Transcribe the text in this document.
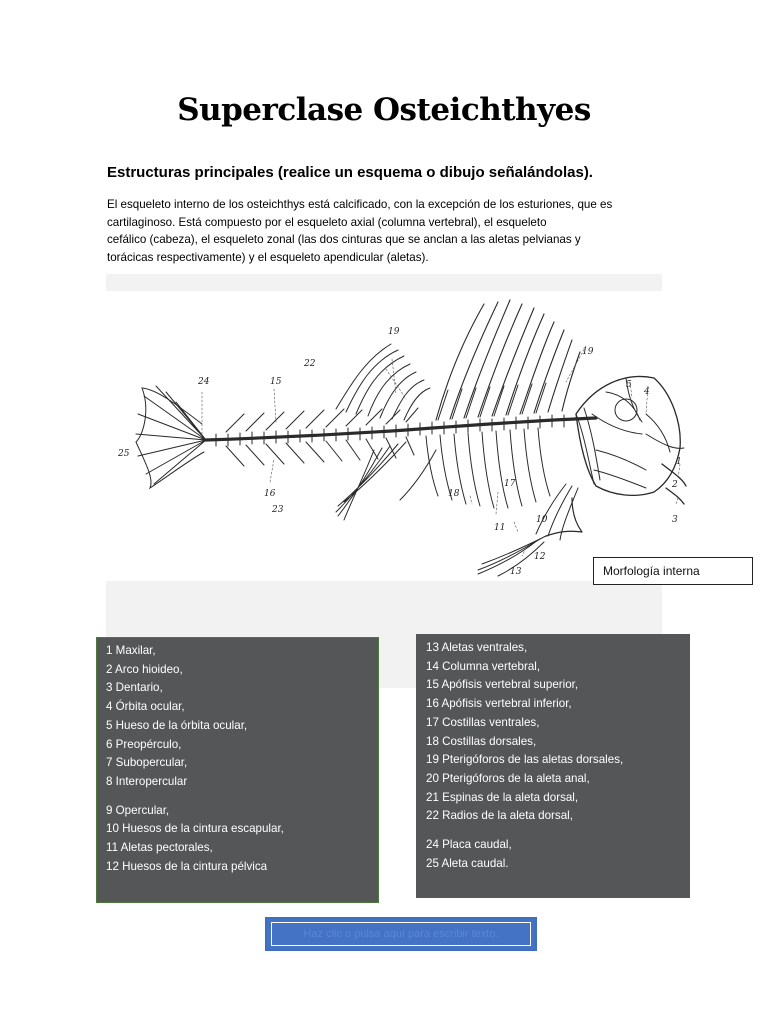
Superclase Osteichthyes
Estructuras principales (realice un esquema o dibujo señalándolas).

El esqueleto interno de los osteichthys está calcificado, con la excepción de los esturiones, que es
cartilaginoso. Está compuesto por el esqueleto axial (columna vertebral), el esqueleto
cefálico (cabeza), el esqueleto zonal (las dos cinturas que se anclan a las aletas pelvianas y
torácicas respectivamente) y el esqueleto apendicular (aletas).

24
25
15
16
23
22
19
19
5
4
1
2
3
17
18
11
10
12
13	Morfología interna
1 Maxilar,
2 Arco hioideo,
3 Dentario,
4 Órbita ocular,
5 Hueso de la órbita ocular,
6 Preopérculo,
7 Subopercular,
8 Interopercular
9 Opercular,
10 Huesos de la cintura escapular,
11 Aletas pectorales,
12 Huesos de la cintura pélvica
13 Aletas ventrales,
14 Columna vertebral,
15 Apófisis vertebral superior,
16 Apófisis vertebral inferior,
17 Costillas ventrales,
18 Costillas dorsales,
19 Pterigóforos de las aletas dorsales,
20 Pterigóforos de la aleta anal,
21 Espinas de la aleta dorsal,
22 Radios de la aleta dorsal,
24 Placa caudal,
25 Aleta caudal.
Haz clic o pulsa aquí para escribir texto.
